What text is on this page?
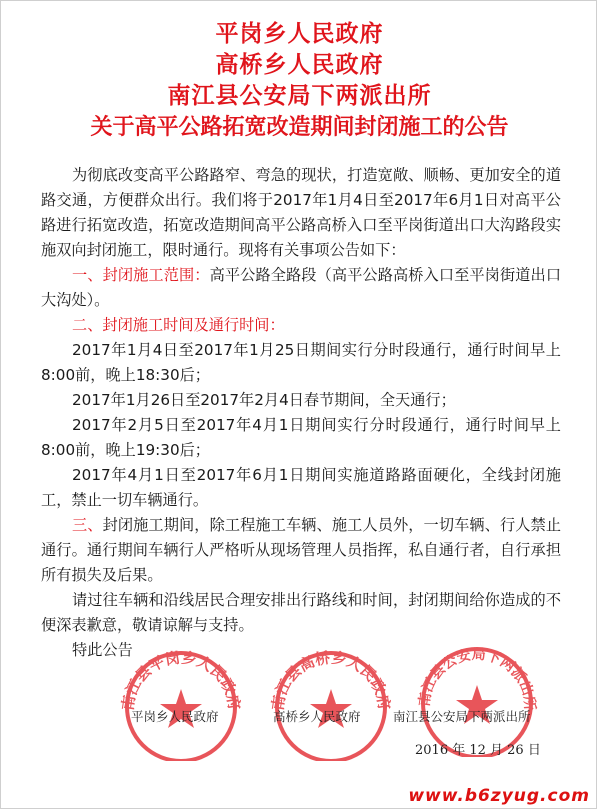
平岗乡人民政府
高桥乡人民政府
南江县公安局下两派出所
关于高平公路拓宽改造期间封闭施工的公告

为彻底改变高平公路路窄、弯急的现状，打造宽敞、顺畅、更加安全的道路交通，方便群众出行。我们将于2017年1月4日至2017年6月1日对高平公路进行拓宽改造，拓宽改造期间高平公路高桥入口至平岗街道出口大沟路段实施双向封闭施工，限时通行。现将有关事项公告如下：

一、封闭施工范围：高平公路全路段（高平公路高桥入口至平岗街道出口大沟处）。

二、封闭施工时间及通行时间：

2017年1月4日至2017年1月25日期间实行分时段通行，通行时间早上8:00前，晚上18:30后；

2017年1月26日至2017年2月4日春节期间，全天通行；

2017年2月5日至2017年4月1日期间实行分时段通行，通行时间早上8:00前，晚上19:30后；

2017年4月1日至2017年6月1日期间实施道路路面硬化，全线封闭施工，禁止一切车辆通行。

三、封闭施工期间，除工程施工车辆、施工人员外，一切车辆、行人禁止通行。通行期间车辆行人严格听从现场管理人员指挥，私自通行者，自行承担所有损失及后果。

请过往车辆和沿线居民合理安排出行路线和时间，封闭期间给你造成的不便深表歉意，敬请谅解与支持。

特此公告

南江县平岗乡人民政府 南江县高桥乡人民政府 南江县公安局下两派出所
平岗乡人民政府	高桥乡人民政府	南江县公安局下两派出所
2016 年 12 月 26 日
www.b6zyug.com
